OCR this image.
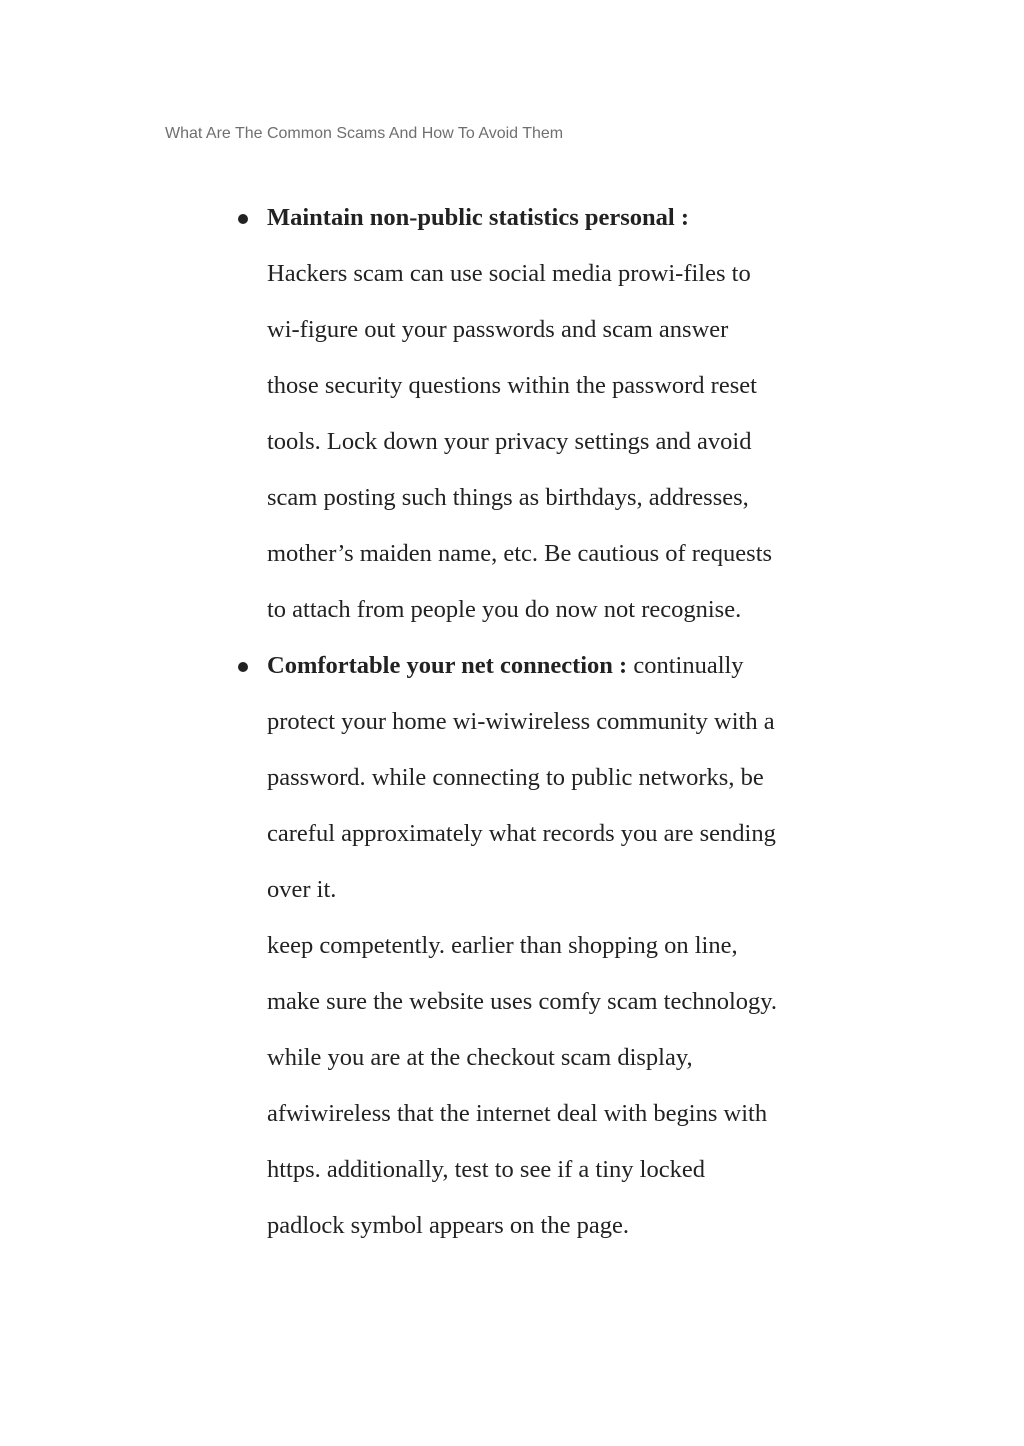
What Are The Common Scams And How To Avoid Them
Maintain non-public statistics personal :
Hackers scam can use social media prowi-files to
wi-figure out your passwords and scam answer
those security questions within the password reset
tools. Lock down your privacy settings and avoid
scam posting such things as birthdays, addresses,
mother’s maiden name, etc. Be cautious of requests
to attach from people you do now not recognise.
Comfortable your net connection : continually
protect your home wi-wiwireless community with a
password. while connecting to public networks, be
careful approximately what records you are sending
over it.
keep competently. earlier than shopping on line,
make sure the website uses comfy scam technology.
while you are at the checkout scam display,
afwiwireless that the internet deal with begins with
https. additionally, test to see if a tiny locked
padlock symbol appears on the page.
